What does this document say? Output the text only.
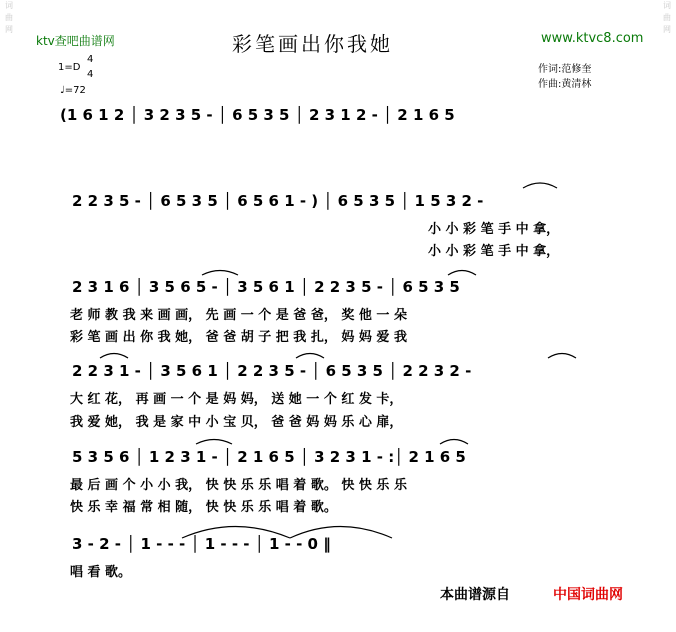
词曲网
词曲网
ktv查吧曲谱网	彩笔画出你我她	www.ktvc8.com
1=D
4
4
♩=72
作词:范修奎
作曲:黄清林
(1 6 1 2 │ 3 2 3 5 - │ 6 5 3 5 │ 2 3 1 2 - │ 2 1 6 5
2 2 3 5 - │ 6 5 3 5 │ 6 5 6 1 - ) │ 6 5 3 5 │ 1 5 3 2 -
小 小 彩 笔 手 中 拿，
小 小 彩 笔 手 中 拿，
2 3 1 6 │ 3 5 6 5 - │ 3 5 6 1 │ 2 2 3 5 - │ 6 5 3 5
老 师 教 我 来 画 画， 先 画 一 个 是 爸 爸， 奖 他 一 朵
彩 笔 画 出 你 我 她， 爸 爸 胡 子 把 我 扎， 妈 妈 爱 我
2 2 3 1 - │ 3 5 6 1 │ 2 2 3 5 - │ 6 5 3 5 │ 2 2 3 2 -
大 红 花， 再 画 一 个 是 妈 妈， 送 她 一 个 红 发 卡，
我 爱 她， 我 是 家 中 小 宝 贝， 爸 爸 妈 妈 乐 心 扉，
5 3 5 6 │ 1 2 3 1 - │ 2 1 6 5 │ 3 2 3 1 - :│ 2 1 6 5
最 后 画 个 小 小 我， 快 快 乐 乐 唱 着 歌。 快 快 乐 乐
快 乐 幸 福 常 相 随， 快 快 乐 乐 唱 着 歌。
3 - 2 - │ 1 - - - │ 1 - - - │ 1 - - 0 ‖
唱 看 歌。
本曲谱源自	中国词曲网
